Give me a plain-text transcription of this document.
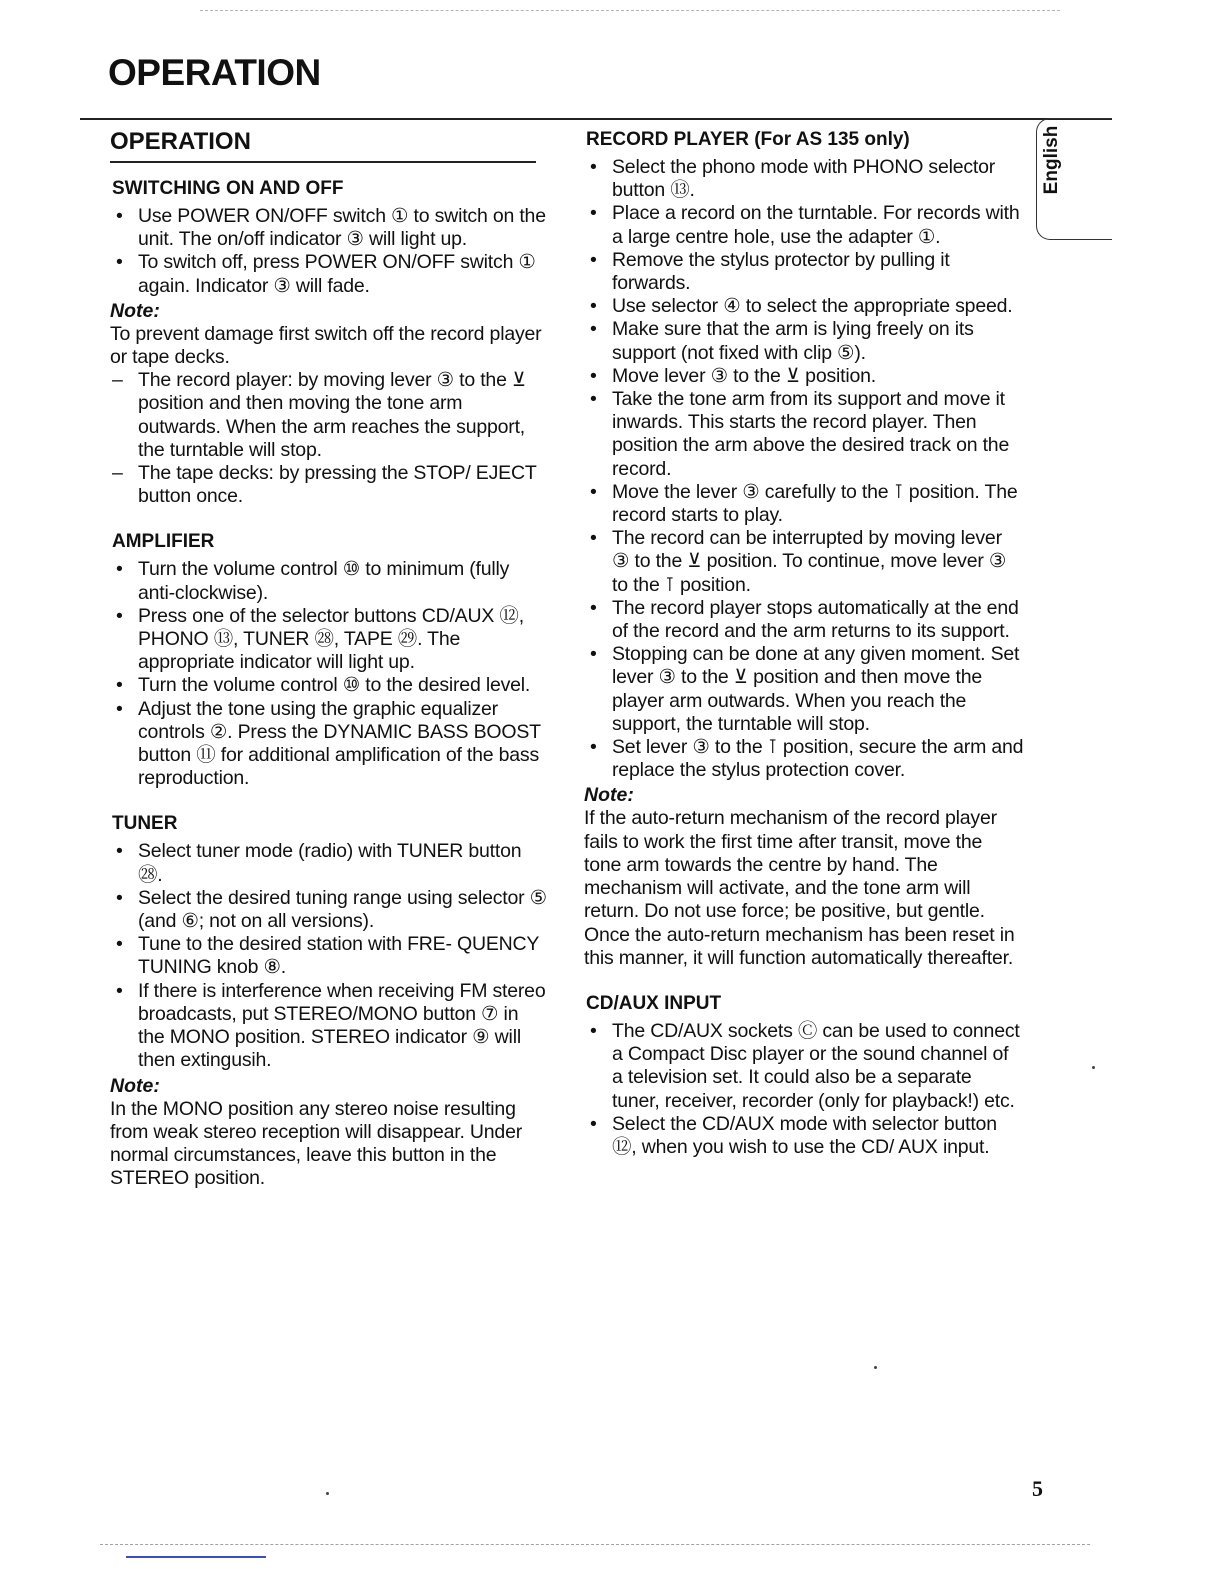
OPERATION
English
OPERATION
SWITCHING ON AND OFF
• Use POWER ON/OFF switch ① to switch on the unit. The on/off indicator ③ will light up.
• To switch off, press POWER ON/OFF switch ① again. Indicator ③ will fade.
Note:

To prevent damage first switch off the record player or tape decks.

– The record player: by moving lever ③ to the ⊻ position and then moving the tone arm outwards. When the arm reaches the support, the turntable will stop.
– The tape decks: by pressing the STOP/ EJECT button once.
AMPLIFIER
• Turn the volume control ⑩ to minimum (fully anti-clockwise).
• Press one of the selector buttons CD/AUX ⑫, PHONO ⑬, TUNER ㉘, TAPE ㉙. The appropriate indicator will light up.
• Turn the volume control ⑩ to the desired level.
• Adjust the tone using the graphic equalizer controls ②. Press the DYNAMIC BASS BOOST button ⑪ for additional amplification of the bass reproduction.
TUNER
• Select tuner mode (radio) with TUNER button ㉘.
• Select the desired tuning range using selector ⑤ (and ⑥; not on all versions).
• Tune to the desired station with FRE- QUENCY TUNING knob ⑧.
• If there is interference when receiving FM stereo broadcasts, put STEREO/MONO button ⑦ in the MONO position. STEREO indicator ⑨ will then extingusih.
Note:

In the MONO position any stereo noise resulting from weak stereo reception will disappear. Under normal circumstances, leave this button in the STEREO position.

RECORD PLAYER (For AS 135 only)
• Select the phono mode with PHONO selector button ⑬.
• Place a record on the turntable. For records with a large centre hole, use the adapter ①.
• Remove the stylus protector by pulling it forwards.
• Use selector ④ to select the appropriate speed.
• Make sure that the arm is lying freely on its support (not fixed with clip ⑤).
• Move lever ③ to the ⊻ position.
• Take the tone arm from its support and move it inwards. This starts the record player. Then position the arm above the desired track on the record.
• Move the lever ③ carefully to the ⊺ position. The record starts to play.
• The record can be interrupted by moving lever ③ to the ⊻ position. To continue, move lever ③ to the ⊺ position.
• The record player stops automatically at the end of the record and the arm returns to its support.
• Stopping can be done at any given moment. Set lever ③ to the ⊻ position and then move the player arm outwards. When you reach the support, the turntable will stop.
• Set lever ③ to the ⊺ position, secure the arm and replace the stylus protection cover.
Note:

If the auto-return mechanism of the record player fails to work the first time after transit, move the tone arm towards the centre by hand. The mechanism will activate, and the tone arm will return. Do not use force; be positive, but gentle. Once the auto-return mechanism has been reset in this manner, it will function automatically thereafter.

CD/AUX INPUT
• The CD/AUX sockets Ⓒ can be used to connect a Compact Disc player or the sound channel of a television set. It could also be a separate tuner, receiver, recorder (only for playback!) etc.
• Select the CD/AUX mode with selector button ⑫, when you wish to use the CD/ AUX input.
5
